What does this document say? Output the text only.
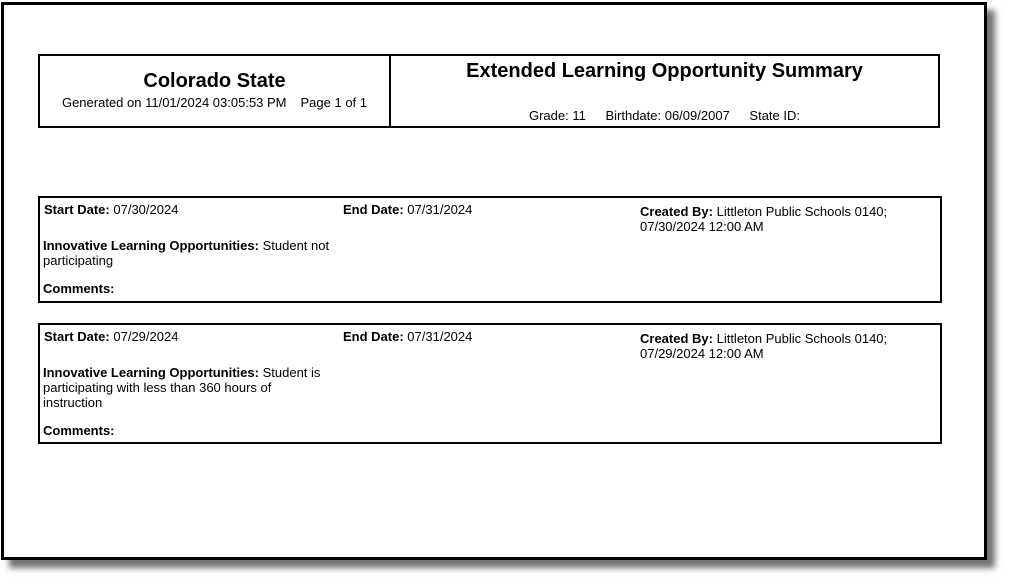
Colorado State
Generated on 11/01/2024 03:05:53 PM Page 1 of 1
Extended Learning Opportunity Summary
Grade: 11 Birthdate: 06/09/2007 State ID:
Start Date: 07/30/2024	End Date: 07/31/2024	Created By: Littleton Public Schools 0140;
07/30/2024 12:00 AM
Innovative Learning Opportunities: Student not participating
Comments:
Start Date: 07/29/2024	End Date: 07/31/2024	Created By: Littleton Public Schools 0140;
07/29/2024 12:00 AM
Innovative Learning Opportunities: Student is participating with less than 360 hours of instruction
Comments:
